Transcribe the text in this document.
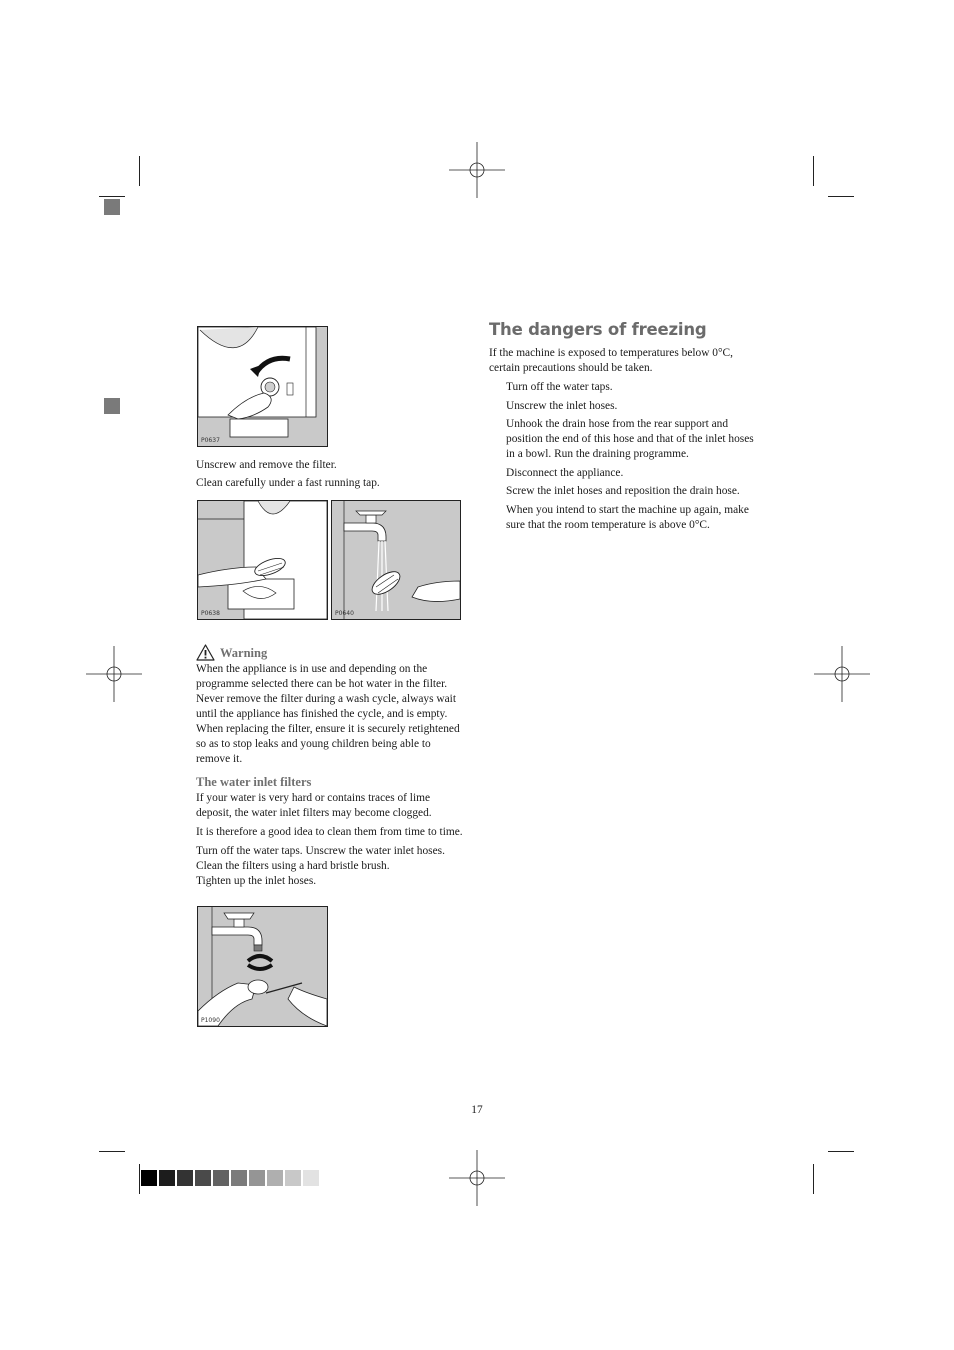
P0637

Unscrew and remove the filter.

Clean carefully under a fast running tap.

P0638	P0640
Warning

When the appliance is in use and depending on the programme selected there can be hot water in the filter. Never remove the filter during a wash cycle, always wait until the appliance has finished the cycle, and is empty. When replacing the filter, ensure it is securely retightened so as to stop leaks and young children being able to remove it.

The water inlet filters

If your water is very hard or contains traces of lime deposit, the water inlet filters may become clogged.

It is therefore a good idea to clean them from time to time.

Turn off the water taps. Unscrew the water inlet hoses.
Clean the filters using a hard bristle brush.
Tighten up the inlet hoses.

P1090
The dangers of freezing

If the machine is exposed to temperatures below 0°C, certain precautions should be taken.

Turn off the water taps.
Unscrew the inlet hoses.
Unhook the drain hose from the rear support and position the end of this hose and that of the inlet hoses in a bowl. Run the draining programme.
Disconnect the appliance.
Screw the inlet hoses and reposition the drain hose.
When you intend to start the machine up again, make sure that the room temperature is above 0°C.
17
